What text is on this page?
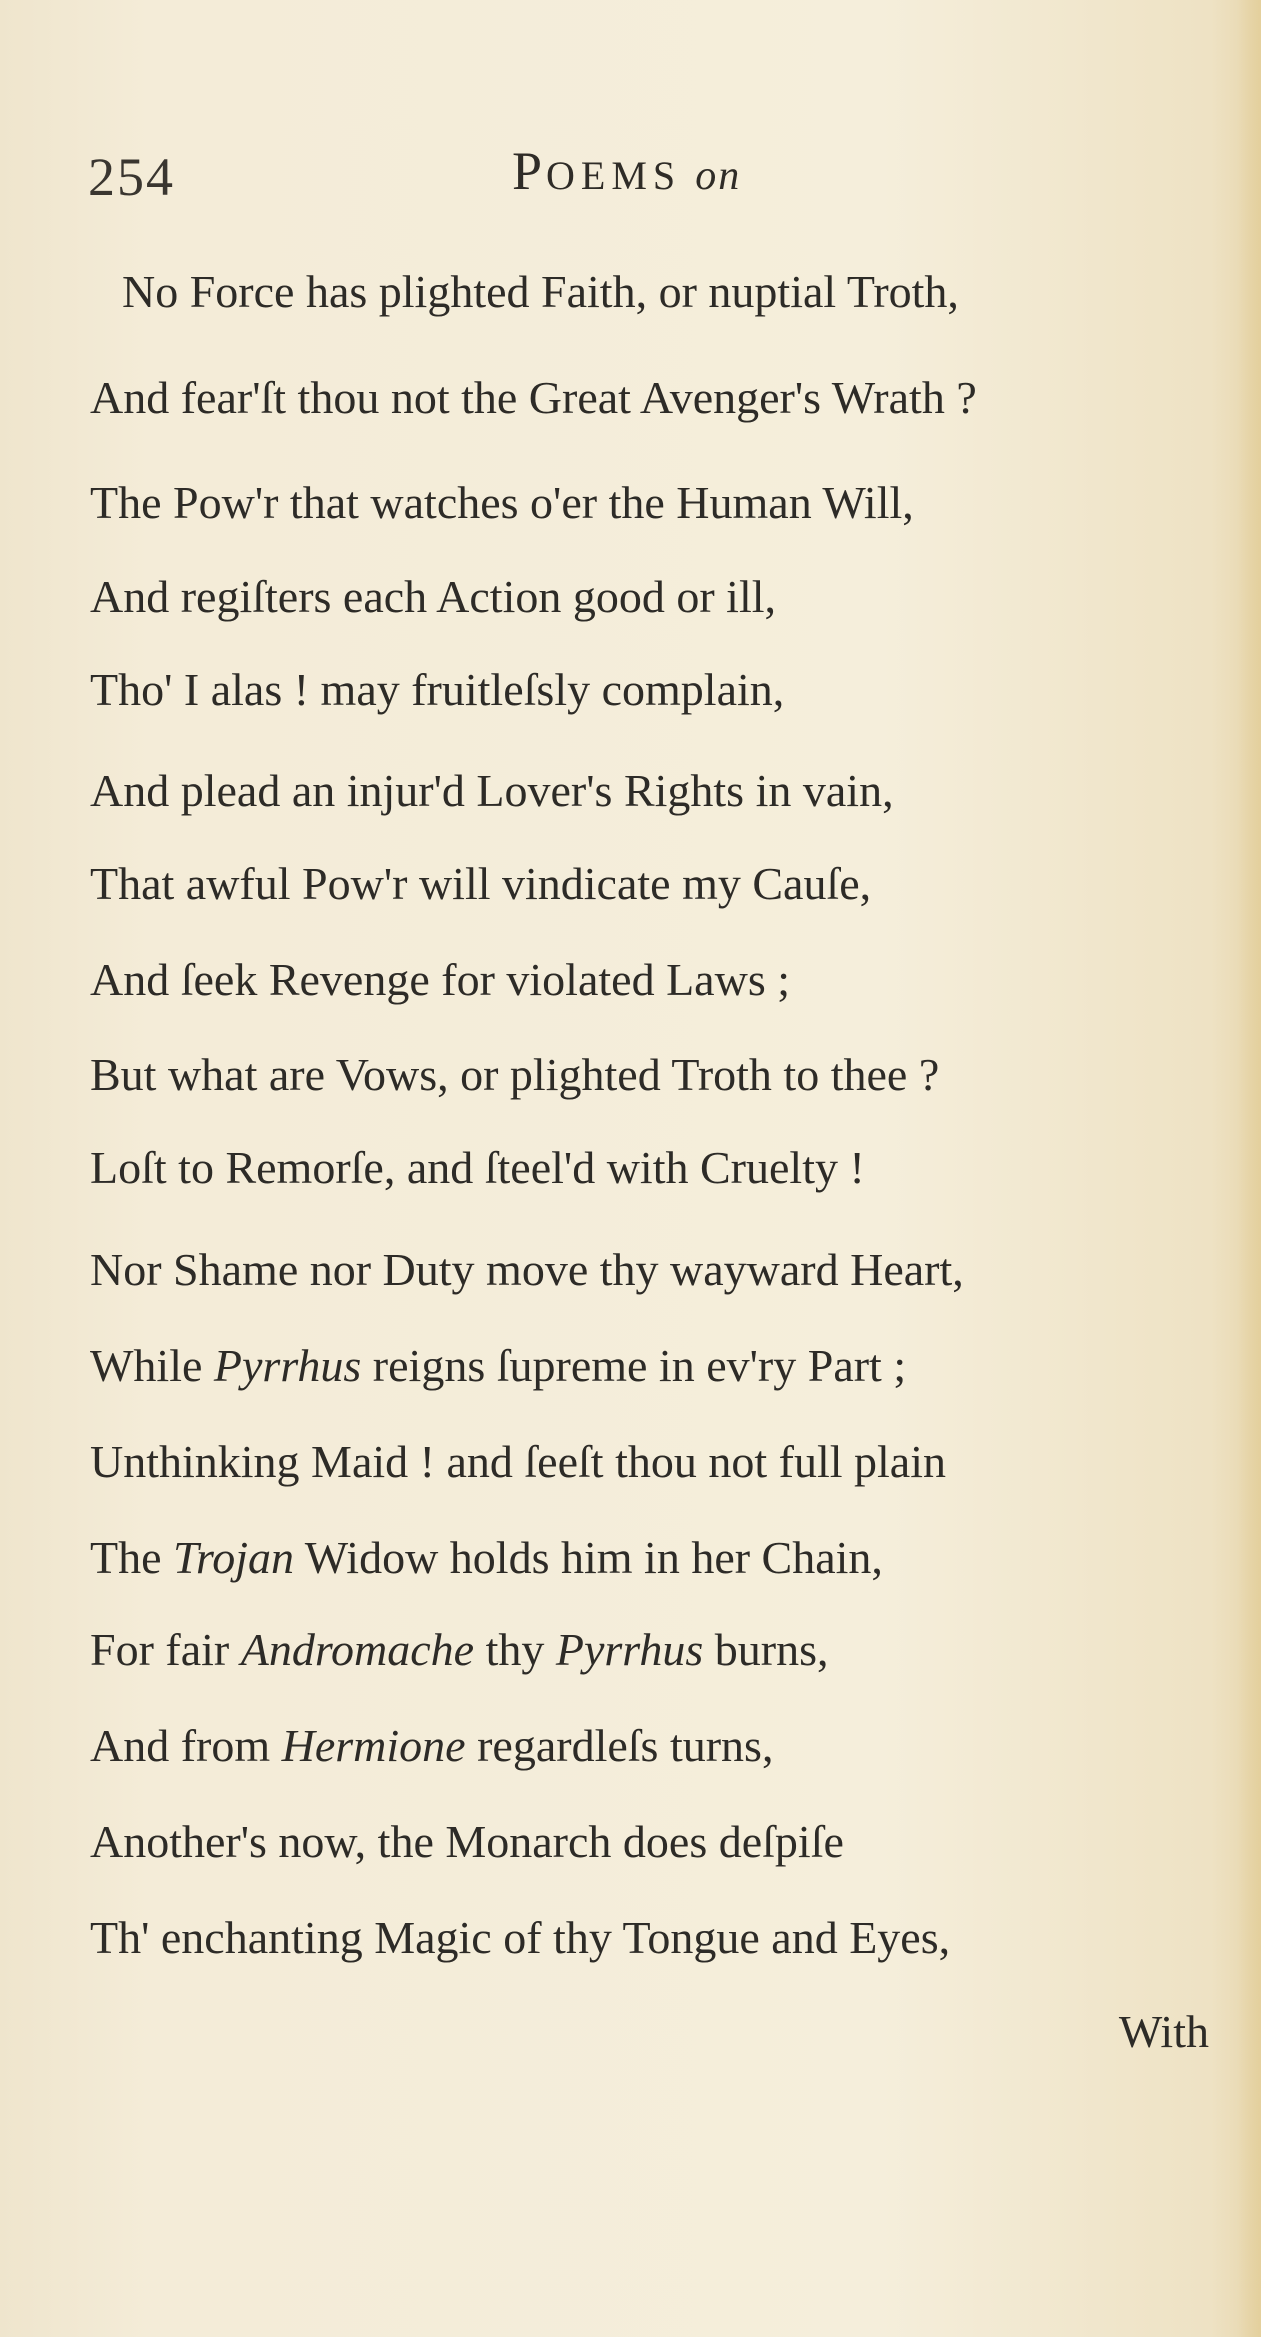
254	POEMS on
No Force has plighted Faith, or nuptial Troth,
And fear'ſt thou not the Great Avenger's Wrath ?
The Pow'r that watches o'er the Human Will,
And regiſters each Action good or ill,
Tho' I alas ! may fruitleſsly complain,
And plead an injur'd Lover's Rights in vain,
That awful Pow'r will vindicate my Cauſe,
And ſeek Revenge for violated Laws ;
But what are Vows, or plighted Troth to thee ?
Loſt to Remorſe, and ſteel'd with Cruelty !
Nor Shame nor Duty move thy wayward Heart,
While Pyrrhus reigns ſupreme in ev'ry Part ;
Unthinking Maid ! and ſeeſt thou not full plain
The Trojan Widow holds him in her Chain,
For fair Andromache thy Pyrrhus burns,
And from Hermione regardleſs turns,
Another's now, the Monarch does deſpiſe
Th' enchanting Magic of thy Tongue and Eyes,
With
